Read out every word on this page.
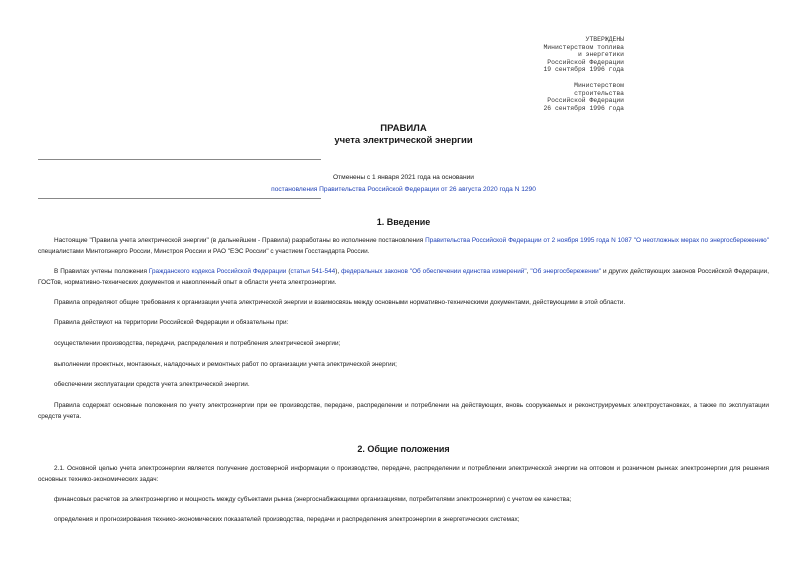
УТВЕРЖДЕНЫ
Министерством топлива
и энергетики
Российской Федерации
19 сентября 1996 года
Министерством
строительства
Российской Федерации
26 сентября 1996 года
ПРАВИЛА
учета электрической энергии
Отменены с 1 января 2021 года на основании
постановления Правительства Российской Федерации от 26 августа 2020 года N 1290
1. Введение
Настоящие "Правила учета электрической энергии" (в дальнейшем - Правила) разработаны во исполнение постановления Правительства Российской Федерации от 2 ноября 1995 года N 1087 "О неотложных мерах по энергосбережению" специалистами Минтопэнерго России, Минстроя России и РАО "ЕЭС России" с участием Госстандарта России.
В Правилах учтены положения Гражданского кодекса Российской Федерации (статьи 541-544), федеральных законов "Об обеспечении единства измерений", "Об энергосбережении" и других действующих законов Российской Федерации, ГОСТов, нормативно-технических документов и накопленный опыт в области учета электроэнергии.
Правила определяют общие требования к организации учета электрической энергии и взаимосвязь между основными нормативно-техническими документами, действующими в этой области.
Правила действуют на территории Российской Федерации и обязательны при:
осуществлении производства, передачи, распределения и потребления электрической энергии;
выполнении проектных, монтажных, наладочных и ремонтных работ по организации учета электрической энергии;
обеспечении эксплуатации средств учета электрической энергии.
Правила содержат основные положения по учету электроэнергии при ее производстве, передаче, распределении и потреблении на действующих, вновь сооружаемых и реконструируемых электроустановках, а также по эксплуатации средств учета.
2. Общие положения
2.1. Основной целью учета электроэнергии является получение достоверной информации о производстве, передаче, распределении и потреблении электрической энергии на оптовом и розничном рынках электроэнергии для решения основных технико-экономических задач:
финансовых расчетов за электроэнергию и мощность между субъектами рынка (энергоснабжающими организациями, потребителями электроэнергии) с учетом ее качества;
определения и прогнозирования технико-экономических показателей производства, передачи и распределения электроэнергии в энергетических системах;
